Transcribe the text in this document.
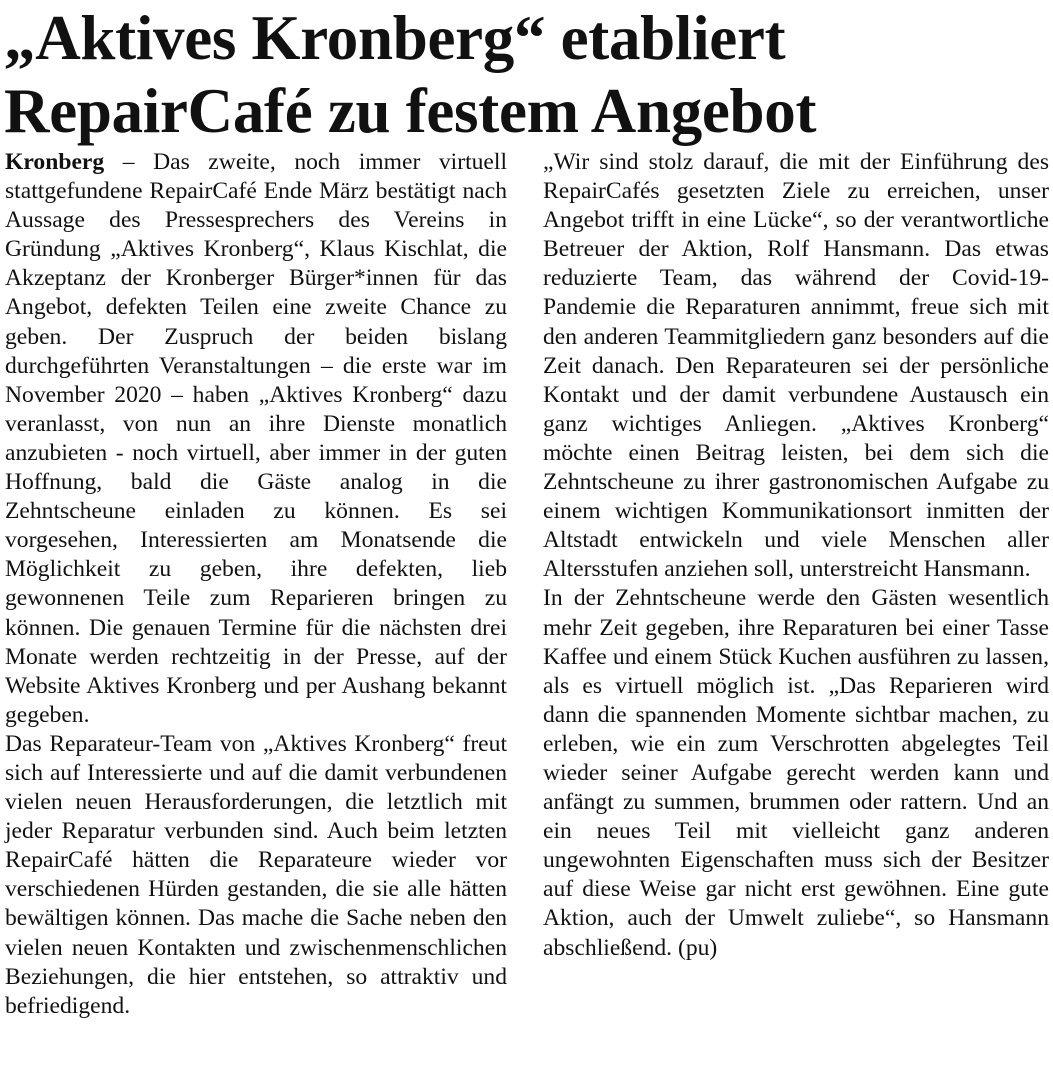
„Aktives Kronberg“ etabliert
RepairCafé zu festem Angebot

Kronberg – Das zweite, noch immer virtuell stattgefundene RepairCafé Ende März bestätigt nach Aussage des Pressesprechers des Vereins in Gründung „Aktives Kronberg“, Klaus Kischlat, die Akzeptanz der Kronberger Bürger*innen für das Angebot, defekten Teilen eine zweite Chance zu geben. Der Zuspruch der beiden bislang durchgeführten Veranstaltungen – die erste war im November 2020 – haben „Aktives Kronberg“ dazu veranlasst, von nun an ihre Dienste monatlich anzubieten - noch virtuell, aber immer in der guten Hoffnung, bald die Gäste analog in die Zehntscheune einladen zu können. Es sei vorgesehen, Interessierten am Monatsende die Möglichkeit zu geben, ihre defekten, lieb gewonnenen Teile zum Reparieren bringen zu können. Die genauen Termine für die nächsten drei Monate werden rechtzeitig in der Presse, auf der Website Aktives Kronberg und per Aushang bekannt gegeben.

Das Reparateur-Team von „Aktives Kronberg“ freut sich auf Interessierte und auf die damit verbundenen vielen neuen Herausforderungen, die letztlich mit jeder Reparatur verbunden sind. Auch beim letzten RepairCafé hätten die Reparateure wieder vor verschiedenen Hürden gestanden, die sie alle hätten bewältigen können. Das mache die Sache neben den vielen neuen Kontakten und zwischenmenschlichen Beziehungen, die hier entstehen, so attraktiv und befriedigend.

„Wir sind stolz darauf, die mit der Einführung des RepairCafés gesetzten Ziele zu erreichen, unser Angebot trifft in eine Lücke“, so der verantwortliche Betreuer der Aktion, Rolf Hansmann. Das etwas reduzierte Team, das während der Covid-19-Pandemie die Reparaturen annimmt, freue sich mit den anderen Teammitgliedern ganz besonders auf die Zeit danach. Den Reparateuren sei der persönliche Kontakt und der damit verbundene Austausch ein ganz wichtiges Anliegen. „Aktives Kronberg“ möchte einen Beitrag leisten, bei dem sich die Zehntscheune zu ihrer gastronomischen Aufgabe zu einem wichtigen Kommunikationsort inmitten der Altstadt entwickeln und viele Menschen aller Altersstufen anziehen soll, unterstreicht Hansmann.

In der Zehntscheune werde den Gästen wesentlich mehr Zeit gegeben, ihre Reparaturen bei einer Tasse Kaffee und einem Stück Kuchen ausführen zu lassen, als es virtuell möglich ist. „Das Reparieren wird dann die spannenden Momente sichtbar machen, zu erleben, wie ein zum Verschrotten abgelegtes Teil wieder seiner Aufgabe gerecht werden kann und anfängt zu summen, brummen oder rattern. Und an ein neues Teil mit vielleicht ganz anderen ungewohnten Eigenschaften muss sich der Besitzer auf diese Weise gar nicht erst gewöhnen. Eine gute Aktion, auch der Umwelt zuliebe“, so Hansmann abschließend. (pu)
